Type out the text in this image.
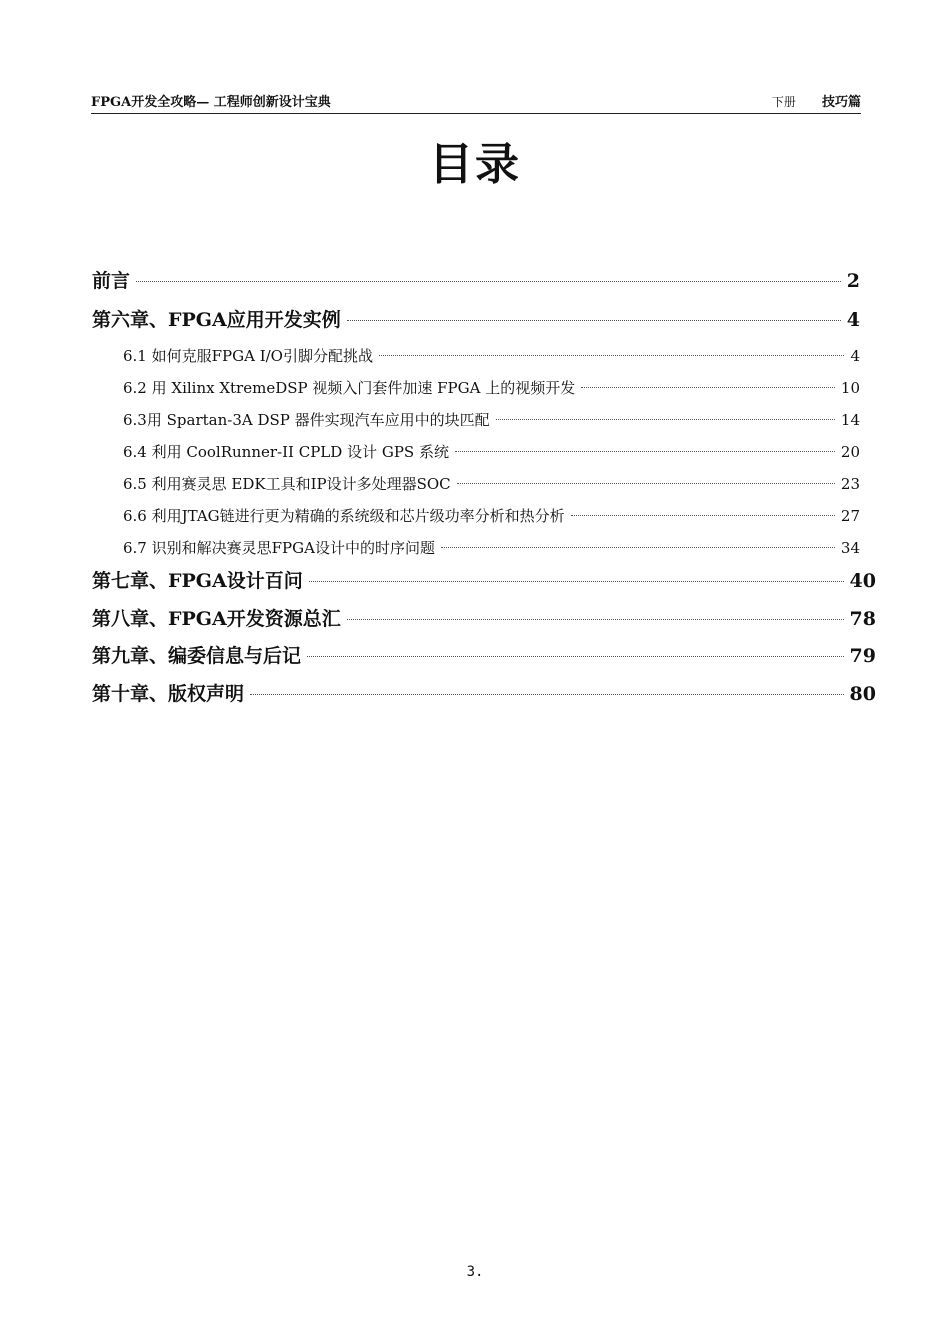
FPGA开发全攻略— 工程师创新设计宝典	下册 技巧篇
目录
前言	2
第六章、FPGA应用开发实例	4
6.1 如何克服FPGA I/O引脚分配挑战	4
6.2 用 Xilinx XtremeDSP 视频入门套件加速 FPGA 上的视频开发	10
6.3用 Spartan-3A DSP 器件实现汽车应用中的块匹配	14
6.4 利用 CoolRunner-II CPLD 设计 GPS 系统	20
6.5 利用赛灵思 EDK工具和IP设计多处理器SOC	23
6.6 利用JTAG链进行更为精确的系统级和芯片级功率分析和热分析	27
6.7 识别和解决赛灵思FPGA设计中的时序问题	34
第七章、FPGA设计百问	40
第八章、FPGA开发资源总汇	78
第九章、编委信息与后记	79
第十章、版权声明	80
3.
